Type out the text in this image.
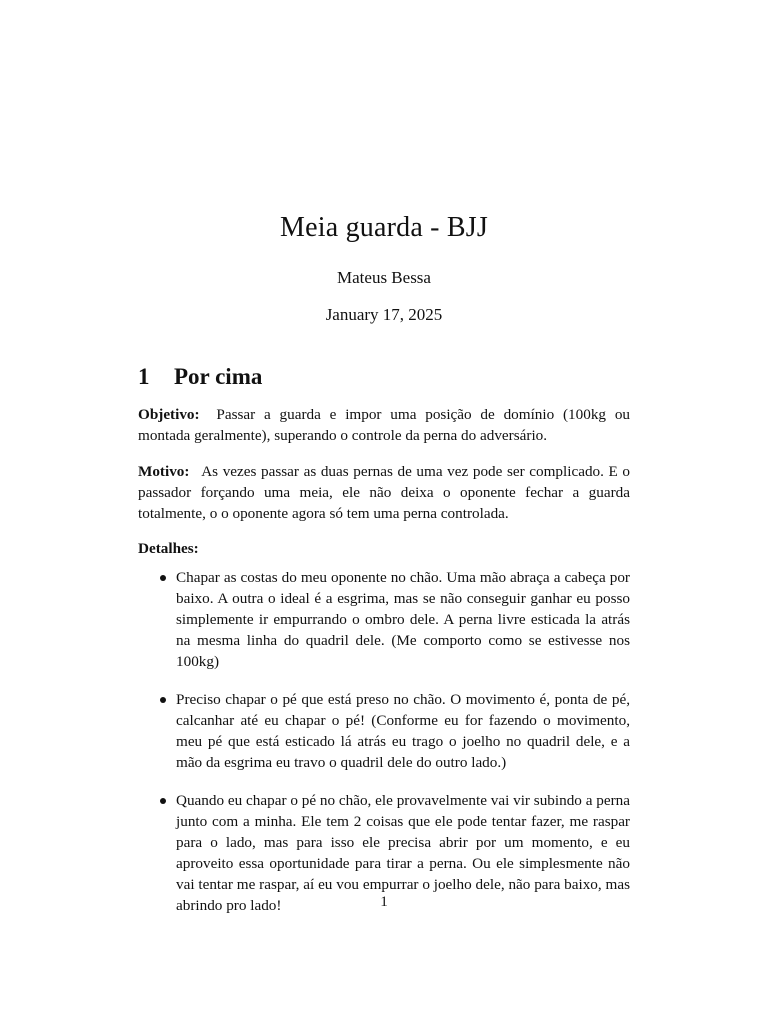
Meia guarda - BJJ
Mateus Bessa
January 17, 2025
1 Por cima

Objetivo: Passar a guarda e impor uma posição de domínio (100kg ou montada geralmente), superando o controle da perna do adversário.

Motivo: As vezes passar as duas pernas de uma vez pode ser complicado. E o passador forçando uma meia, ele não deixa o oponente fechar a guarda totalmente, o o oponente agora só tem uma perna controlada.

Detalhes:
Chapar as costas do meu oponente no chão. Uma mão abraça a cabeça por baixo. A outra o ideal é a esgrima, mas se não conseguir ganhar eu posso simplemente ir empurrando o ombro dele. A perna livre esticada la atrás na mesma linha do quadril dele. (Me comporto como se estivesse nos 100kg)
Preciso chapar o pé que está preso no chão. O movimento é, ponta de pé, calcanhar até eu chapar o pé! (Conforme eu for fazendo o movimento, meu pé que está esticado lá atrás eu trago o joelho no quadril dele, e a mão da esgrima eu travo o quadril dele do outro lado.)
Quando eu chapar o pé no chão, ele provavelmente vai vir subindo a perna junto com a minha. Ele tem 2 coisas que ele pode tentar fazer, me raspar para o lado, mas para isso ele precisa abrir por um momento, e eu aproveito essa oportunidade para tirar a perna. Ou ele simplesmente não vai tentar me raspar, aí eu vou empurrar o joelho dele, não para baixo, mas abrindo pro lado!	1
